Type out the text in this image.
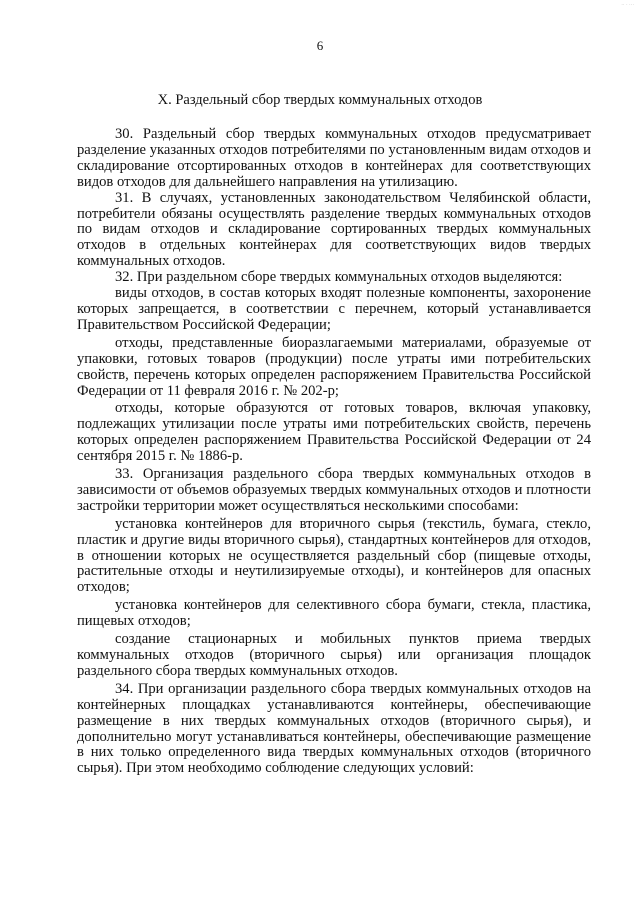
·· · ···
6
X. Раздельный сбор твердых коммунальных отходов

30. Раздельный сбор твердых коммунальных отходов предусматривает разделение указанных отходов потребителями по установленным видам отходов и складирование отсортированных отходов в контейнерах для соответствующих видов отходов для дальнейшего направления на утилизацию.

31. В случаях, установленных законодательством Челябинской области, потребители обязаны осуществлять разделение твердых коммунальных отходов по видам отходов и складирование сортированных твердых коммунальных отходов в отдельных контейнерах для соответствующих видов твердых коммунальных отходов.

32. При раздельном сборе твердых коммунальных отходов выделяются:

виды отходов, в состав которых входят полезные компоненты, захоронение которых запрещается, в соответствии с перечнем, который устанавливается Правительством Российской Федерации;

отходы, представленные биоразлагаемыми материалами, образуемые от упаковки, готовых товаров (продукции) после утраты ими потребительских свойств, перечень которых определен распоряжением Правительства Российской Федерации от 11 февраля 2016 г. № 202-р;

отходы, которые образуются от готовых товаров, включая упаковку, подлежащих утилизации после утраты ими потребительских свойств, перечень которых определен распоряжением Правительства Российской Федерации от 24 сентября 2015 г. № 1886-р.

33. Организация раздельного сбора твердых коммунальных отходов в зависимости от объемов образуемых твердых коммунальных отходов и плотности застройки территории может осуществляться несколькими способами:

установка контейнеров для вторичного сырья (текстиль, бумага, стекло, пластик и другие виды вторичного сырья), стандартных контейнеров для отходов, в отношении которых не осуществляется раздельный сбор (пищевые отходы, растительные отходы и неутилизируемые отходы), и контейнеров для опасных отходов;

установка контейнеров для селективного сбора бумаги, стекла, пластика, пищевых отходов;

создание стационарных и мобильных пунктов приема твердых коммунальных отходов (вторичного сырья) или организация площадок раздельного сбора твердых коммунальных отходов.

34. При организации раздельного сбора твердых коммунальных отходов на контейнерных площадках устанавливаются контейнеры, обеспечивающие размещение в них твердых коммунальных отходов (вторичного сырья), и дополнительно могут устанавливаться контейнеры, обеспечивающие размещение в них только определенного вида твердых коммунальных отходов (вторичного сырья). При этом необходимо соблюдение следующих условий:
